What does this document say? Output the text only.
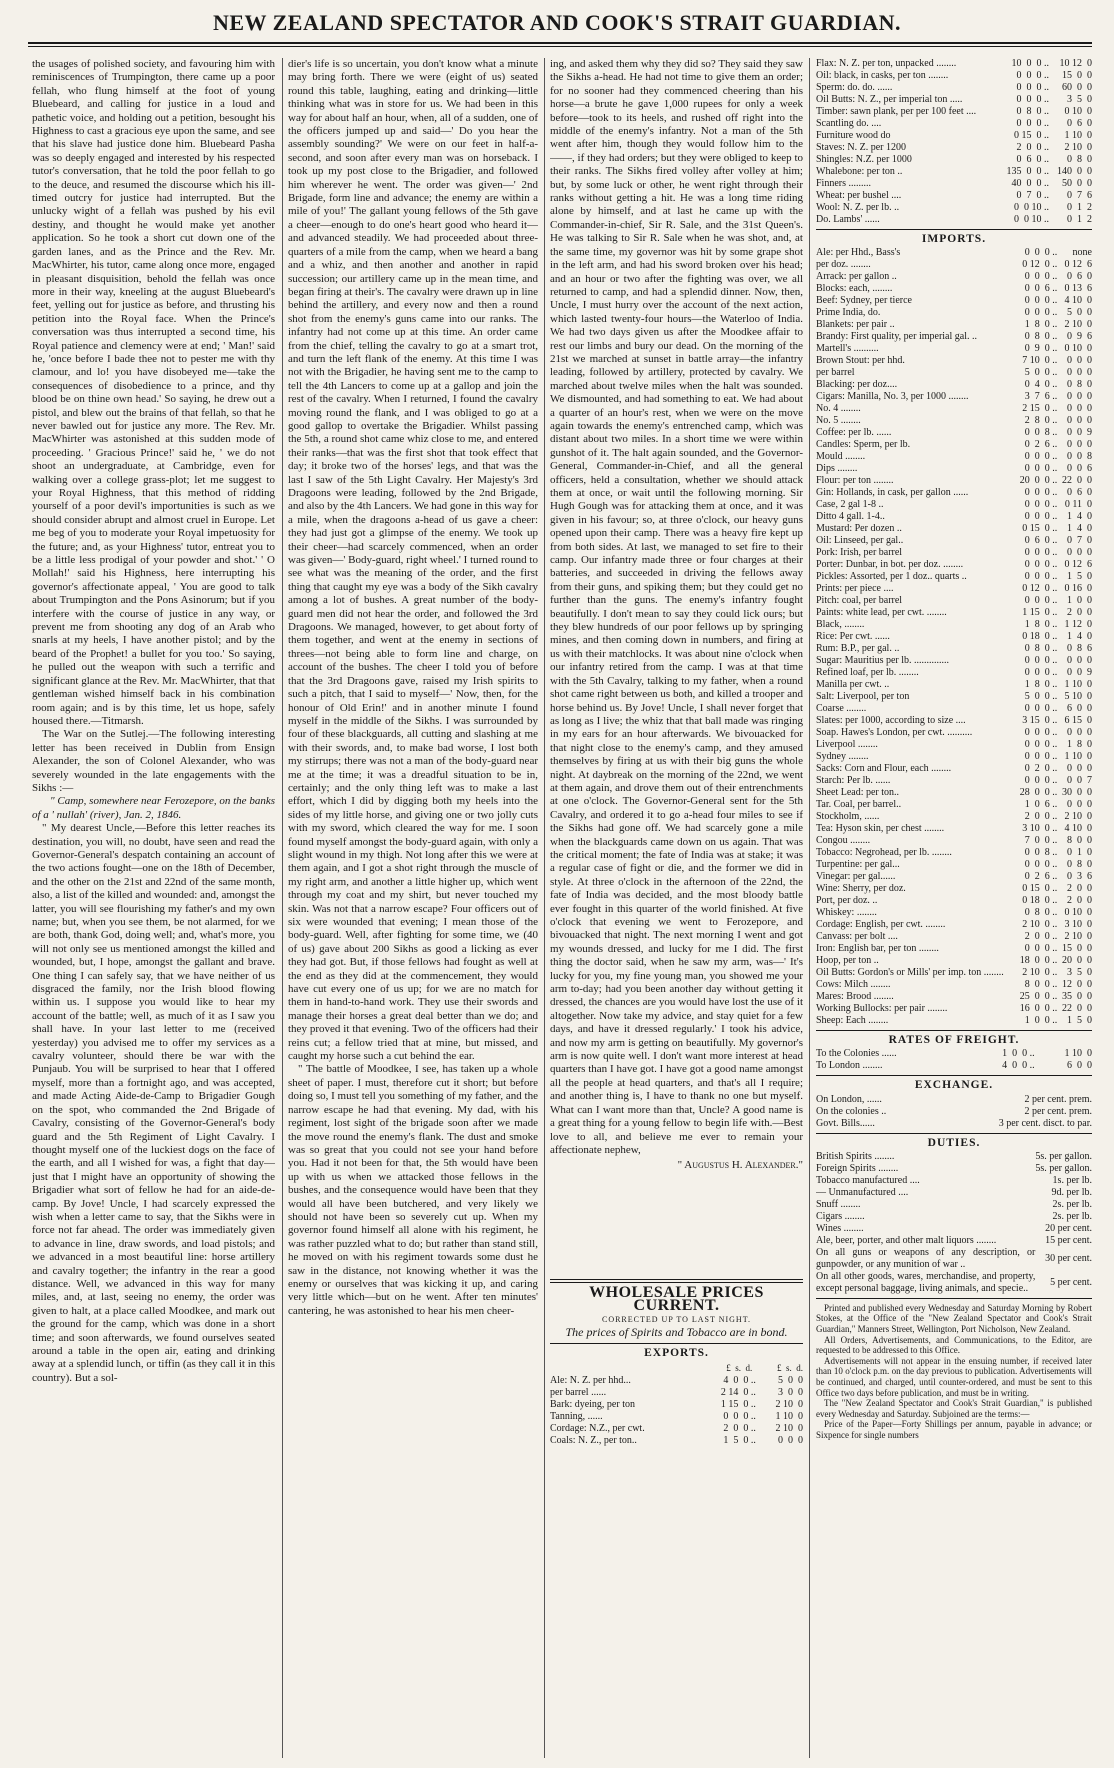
NEW ZEALAND SPECTATOR AND COOK'S STRAIT GUARDIAN.

the usages of polished society, and favouring him with reminiscences of Trumpington, there came up a poor fellah, who flung himself at the foot of young Bluebeard, and calling for justice in a loud and pathetic voice, and holding out a petition, besought his Highness to cast a gracious eye upon the same, and see that his slave had justice done him. Bluebeard Pasha was so deeply engaged and interested by his respected tutor's conversation, that he told the poor fellah to go to the deuce, and resumed the discourse which his ill-timed outcry for justice had interrupted. But the unlucky wight of a fellah was pushed by his evil destiny, and thought he would make yet another application. So he took a short cut down one of the garden lanes, and as the Prince and the Rev. Mr. MacWhirter, his tutor, came along once more, engaged in pleasant disquisition, behold the fellah was once more in their way, kneeling at the august Bluebeard's feet, yelling out for justice as before, and thrusting his petition into the Royal face. When the Prince's conversation was thus interrupted a second time, his Royal patience and clemency were at end; ' Man!' said he, 'once before I bade thee not to pester me with thy clamour, and lo! you have disobeyed me—take the consequences of disobedience to a prince, and thy blood be on thine own head.' So saying, he drew out a pistol, and blew out the brains of that fellah, so that he never bawled out for justice any more. The Rev. Mr. MacWhirter was astonished at this sudden mode of proceeding. ' Gracious Prince!' said he, ' we do not shoot an undergraduate, at Cambridge, even for walking over a college grass-plot; let me suggest to your Royal Highness, that this method of ridding yourself of a poor devil's importunities is such as we should consider abrupt and almost cruel in Europe. Let me beg of you to moderate your Royal impetuosity for the future; and, as your Highness' tutor, entreat you to be a little less prodigal of your powder and shot.' ' O Mollah!' said his Highness, here interrupting his governor's affectionate appeal, ' You are good to talk about Trumpington and the Pons Asinorum; but if you interfere with the course of justice in any way, or prevent me from shooting any dog of an Arab who snarls at my heels, I have another pistol; and by the beard of the Prophet! a bullet for you too.' So saying, he pulled out the weapon with such a terrific and significant glance at the Rev. Mr. MacWhirter, that that gentleman wished himself back in his combination room again; and is by this time, let us hope, safely housed there.—Titmarsh.

The War on the Sutlej.—The following interesting letter has been received in Dublin from Ensign Alexander, the son of Colonel Alexander, who was severely wounded in the late engagements with the Sikhs :—

" Camp, somewhere near Ferozepore, on the banks of a ' nullah' (river), Jan. 2, 1846.

" My dearest Uncle,—Before this letter reaches its destination, you will, no doubt, have seen and read the Governor-General's despatch containing an account of the two actions fought—one on the 18th of December, and the other on the 21st and 22nd of the same month, also, a list of the killed and wounded: and, amongst the latter, you will see flourishing my father's and my own name; but, when you see them, be not alarmed, for we are both, thank God, doing well; and, what's more, you will not only see us mentioned amongst the killed and wounded, but, I hope, amongst the gallant and brave. One thing I can safely say, that we have neither of us disgraced the family, nor the Irish blood flowing within us. I suppose you would like to hear my account of the battle; well, as much of it as I saw you shall have. In your last letter to me (received yesterday) you advised me to offer my services as a cavalry volunteer, should there be war with the Punjaub. You will be surprised to hear that I offered myself, more than a fortnight ago, and was accepted, and made Acting Aide-de-Camp to Brigadier Gough on the spot, who commanded the 2nd Brigade of Cavalry, consisting of the Governor-General's body guard and the 5th Regiment of Light Cavalry. I thought myself one of the luckiest dogs on the face of the earth, and all I wished for was, a fight that day—just that I might have an opportunity of showing the Brigadier what sort of fellow he had for an aide-de-camp. By Jove! Uncle, I had scarcely expressed the wish when a letter came to say, that the Sikhs were in force not far ahead. The order was immediately given to advance in line, draw swords, and load pistols; and we advanced in a most beautiful line: horse artillery and cavalry together; the infantry in the rear a good distance. Well, we advanced in this way for many miles, and, at last, seeing no enemy, the order was given to halt, at a place called Moodkee, and mark out the ground for the camp, which was done in a short time; and soon afterwards, we found ourselves seated around a table in the open air, eating and drinking away at a splendid lunch, or tiffin (as they call it in this country). But a sol-

dier's life is so uncertain, you don't know what a minute may bring forth. There we were (eight of us) seated round this table, laughing, eating and drinking—little thinking what was in store for us. We had been in this way for about half an hour, when, all of a sudden, one of the officers jumped up and said—' Do you hear the assembly sounding?' We were on our feet in half-a-second, and soon after every man was on horseback. I took up my post close to the Brigadier, and followed him wherever he went. The order was given—' 2nd Brigade, form line and advance; the enemy are within a mile of you!' The gallant young fellows of the 5th gave a cheer—enough to do one's heart good who heard it—and advanced steadily. We had proceeded about three-quarters of a mile from the camp, when we heard a bang and a whiz, and then another and another in rapid succession; our artillery came up in the mean time, and began firing at their's. The cavalry were drawn up in line behind the artillery, and every now and then a round shot from the enemy's guns came into our ranks. The infantry had not come up at this time. An order came from the chief, telling the cavalry to go at a smart trot, and turn the left flank of the enemy. At this time I was not with the Brigadier, he having sent me to the camp to tell the 4th Lancers to come up at a gallop and join the rest of the cavalry. When I returned, I found the cavalry moving round the flank, and I was obliged to go at a good gallop to overtake the Brigadier. Whilst passing the 5th, a round shot came whiz close to me, and entered their ranks—that was the first shot that took effect that day; it broke two of the horses' legs, and that was the last I saw of the 5th Light Cavalry. Her Majesty's 3rd Dragoons were leading, followed by the 2nd Brigade, and also by the 4th Lancers. We had gone in this way for a mile, when the dragoons a-head of us gave a cheer: they had just got a glimpse of the enemy. We took up their cheer—had scarcely commenced, when an order was given—' Body-guard, right wheel.' I turned round to see what was the meaning of the order, and the first thing that caught my eye was a body of the Sikh cavalry among a lot of bushes. A great number of the body-guard men did not hear the order, and followed the 3rd Dragoons. We managed, however, to get about forty of them together, and went at the enemy in sections of threes—not being able to form line and charge, on account of the bushes. The cheer I told you of before that the 3rd Dragoons gave, raised my Irish spirits to such a pitch, that I said to myself—' Now, then, for the honour of Old Erin!' and in another minute I found myself in the middle of the Sikhs. I was surrounded by four of these blackguards, all cutting and slashing at me with their swords, and, to make bad worse, I lost both my stirrups; there was not a man of the body-guard near me at the time; it was a dreadful situation to be in, certainly; and the only thing left was to make a last effort, which I did by digging both my heels into the sides of my little horse, and giving one or two jolly cuts with my sword, which cleared the way for me. I soon found myself amongst the body-guard again, with only a slight wound in my thigh. Not long after this we were at them again, and I got a shot right through the muscle of my right arm, and another a little higher up, which went through my coat and my shirt, but never touched my skin. Was not that a narrow escape? Four officers out of six were wounded that evening; I mean those of the body-guard. Well, after fighting for some time, we (40 of us) gave about 200 Sikhs as good a licking as ever they had got. But, if those fellows had fought as well at the end as they did at the commencement, they would have cut every one of us up; for we are no match for them in hand-to-hand work. They use their swords and manage their horses a great deal better than we do; and they proved it that evening. Two of the officers had their reins cut; a fellow tried that at mine, but missed, and caught my horse such a cut behind the ear.

" The battle of Moodkee, I see, has taken up a whole sheet of paper. I must, therefore cut it short; but before doing so, I must tell you something of my father, and the narrow escape he had that evening. My dad, with his regiment, lost sight of the brigade soon after we made the move round the enemy's flank. The dust and smoke was so great that you could not see your hand before you. Had it not been for that, the 5th would have been up with us when we attacked those fellows in the bushes, and the consequence would have been that they would all have been butchered, and very likely we should not have been so severely cut up. When my governor found himself all alone with his regiment, he was rather puzzled what to do; but rather than stand still, he moved on with his regiment towards some dust he saw in the distance, not knowing whether it was the enemy or ourselves that was kicking it up, and caring very little which—but on he went. After ten minutes' cantering, he was astonished to hear his men cheer-

ing, and asked them why they did so? They said they saw the Sikhs a-head. He had not time to give them an order; for no sooner had they commenced cheering than his horse—a brute he gave 1,000 rupees for only a week before—took to its heels, and rushed off right into the middle of the enemy's infantry. Not a man of the 5th went after him, though they would follow him to the ——, if they had orders; but they were obliged to keep to their ranks. The Sikhs fired volley after volley at him; but, by some luck or other, he went right through their ranks without getting a hit. He was a long time riding alone by himself, and at last he came up with the Commander-in-chief, Sir R. Sale, and the 31st Queen's. He was talking to Sir R. Sale when he was shot, and, at the same time, my governor was hit by some grape shot in the left arm, and had his sword broken over his head; and an hour or two after the fighting was over, we all returned to camp, and had a splendid dinner. Now, then, Uncle, I must hurry over the account of the next action, which lasted twenty-four hours—the Waterloo of India. We had two days given us after the Moodkee affair to rest our limbs and bury our dead. On the morning of the 21st we marched at sunset in battle array—the infantry leading, followed by artillery, protected by cavalry. We marched about twelve miles when the halt was sounded. We dismounted, and had something to eat. We had about a quarter of an hour's rest, when we were on the move again towards the enemy's entrenched camp, which was distant about two miles. In a short time we were within gunshot of it. The halt again sounded, and the Governor-General, Commander-in-Chief, and all the general officers, held a consultation, whether we should attack them at once, or wait until the following morning. Sir Hugh Gough was for attacking them at once, and it was given in his favour; so, at three o'clock, our heavy guns opened upon their camp. There was a heavy fire kept up from both sides. At last, we managed to set fire to their camp. Our infantry made three or four charges at their batteries, and succeeded in driving the fellows away from their guns, and spiking them; but they could get no further than the guns. The enemy's infantry fought beautifully. I don't mean to say they could lick ours; but they blew hundreds of our poor fellows up by springing mines, and then coming down in numbers, and firing at us with their matchlocks. It was about nine o'clock when our infantry retired from the camp. I was at that time with the 5th Cavalry, talking to my father, when a round shot came right between us both, and killed a trooper and horse behind us. By Jove! Uncle, I shall never forget that as long as I live; the whiz that that ball made was ringing in my ears for an hour afterwards. We bivouacked for that night close to the enemy's camp, and they amused themselves by firing at us with their big guns the whole night. At daybreak on the morning of the 22nd, we went at them again, and drove them out of their entrenchments at one o'clock. The Governor-General sent for the 5th Cavalry, and ordered it to go a-head four miles to see if the Sikhs had gone off. We had scarcely gone a mile when the blackguards came down on us again. That was the critical moment; the fate of India was at stake; it was a regular case of fight or die, and the former we did in style. At three o'clock in the afternoon of the 22nd, the fate of India was decided, and the most bloody battle ever fought in this quarter of the world finished. At five o'clock that evening we went to Ferozepore, and bivouacked that night. The next morning I went and got my wounds dressed, and lucky for me I did. The first thing the doctor said, when he saw my arm, was—' It's lucky for you, my fine young man, you showed me your arm to-day; had you been another day without getting it dressed, the chances are you would have lost the use of it altogether. Now take my advice, and stay quiet for a few days, and have it dressed regularly.' I took his advice, and now my arm is getting on beautifully. My governor's arm is now quite well. I don't want more interest at head quarters than I have got. I have got a good name amongst all the people at head quarters, and that's all I require; and another thing is, I have to thank no one but myself. What can I want more than that, Uncle? A good name is a great thing for a young fellow to begin life with.—Best love to all, and believe me ever to remain your affectionate nephew,

" Augustus H. Alexander."
WHOLESALE PRICES CURRENT.
CORRECTED UP TO LAST NIGHT.
The prices of Spirits and Tobacco are in bond.
EXPORTS.
£  s.  d.           £  s.  d.
Ale: N. Z. per hhd...	4  0  0	..	5  0  0
per barrel ......	2 14  0	..	3  0  0
Bark: dyeing, per ton	1 15  0	..	2 10  0
Tanning, ......	0  0  0	..	1 10  0
Cordage: N.Z., per cwt.	2  0  0	..	2 10  0
Coals: N. Z., per ton..	1  5  0	..	0  0  0
Flax: N. Z. per ton, unpacked ........	10  0  0	..	10 12  0
Oil: black, in casks, per ton ........	0  0  0	..	15  0  0
Sperm: do. do. ......	0  0  0	..	60  0  0
Oil Butts: N. Z., per imperial ton .....	0  0  0	..	3  5  0
Timber: sawn plank, per per 100 feet ....	0  8  0	..	0 10  0
Scantling do. ....	0  0  0	..	0  6  0
Furniture wood do	0 15  0	..	1 10  0
Staves: N. Z. per 1200	2  0  0	..	2 10  0
Shingles: N.Z. per 1000	0  6  0	..	0  8  0
Whalebone: per ton ..	135  0  0	..	140  0  0
Finners .........	40  0  0	..	50  0  0
Wheat: per bushel ....	0  7  0	..	0  7  6
Wool: N. Z. per lb. ..	0  0 10	..	0  1  2
Do. Lambs' ......	0  0 10	..	0  1  2
IMPORTS.
Ale: per Hhd., Bass's	0  0  0	..	none
per doz. ........	0 12  0	..	0 12  6
Arrack: per gallon ..	0  0  0	..	0  6  0
Blocks: each, ........	0  0  6	..	0 13  6
Beef: Sydney, per tierce	0  0  0	..	4 10  0
Prime India, do.	0  0  0	..	5  0  0
Blankets: per pair ..	1  8  0	..	2 10  0
Brandy: First quality, per imperial gal. ..	0  8  0	..	0  9  6
Martell's ..........	0  9  0	..	0 10  0
Brown Stout: per hhd.	7 10  0	..	0  0  0
per barrel	5  0  0	..	0  0  0
Blacking: per doz....	0  4  0	..	0  8  0
Cigars: Manilla, No. 3, per 1000 ........	3  7  6	..	0  0  0
No. 4 ........	2 15  0	..	0  0  0
No. 5 ........	2  8  0	..	0  0  0
Coffee: per lb. ......	0  0  8	..	0  0  9
Candles: Sperm, per lb.	0  2  6	..	0  0  0
Mould ........	0  0  0	..	0  0  8
Dips ........	0  0  0	..	0  0  6
Flour: per ton ........	20  0  0	..	22  0  0
Gin: Hollands, in cask, per gallon ......	0  0  0	..	0  6  0
Case, 2 gal 1-8 ..	0  0  0	..	0 11  0
Ditto 4 gall. 1-4..	0  0  0	..	1  4  0
Mustard: Per dozen ..	0 15  0	..	1  4  0
Oil: Linseed, per gal..	0  6  0	..	0  7  0
Pork: Irish, per barrel	0  0  0	..	0  0  0
Porter: Dunbar, in bot. per doz. ........	0  0  0	..	0 12  6
Pickles: Assorted, per 1 doz.. quarts ..	0  0  0	..	1  5  0
Prints: per piece ....	0 12  0	..	0 16  0
Pitch: coal, per barrel	0  0  0	..	1  0  0
Paints: white lead, per cwt. ........	1 15  0	..	2  0  0
Black, ........	1  8  0	..	1 12  0
Rice: Per cwt. ......	0 18  0	..	1  4  0
Rum: B.P., per gal. ..	0  8  0	..	0  8  6
Sugar: Mauritius per lb. ..............	0  0  0	..	0  0  0
Refined loaf, per lb. ........	0  0  0	..	0  0  9
Manilla per cwt. ..	1  8  0	..	1 10  0
Salt: Liverpool, per ton	5  0  0	..	5 10  0
Coarse ........	0  0  0	..	6  0  0
Slates: per 1000, according to size ....	3 15  0	..	6 15  0
Soap. Hawes's London, per cwt. ..........	0  0  0	..	0  0  0
Liverpool ........	0  0  0	..	1  8  0
Sydney ........	0  0  0	..	1 10  0
Sacks: Corn and Flour, each ........	0  2  0	..	0  0  0
Starch: Per lb. ......	0  0  0	..	0  0  7
Sheet Lead: per ton..	28  0  0	..	30  0  0
Tar. Coal, per barrel..	1  0  6	..	0  0  0
Stockholm, ......	2  0  0	..	2 10  0
Tea: Hyson skin, per chest ........	3 10  0	..	4 10  0
Congou ........	7  0  0	..	8  0  0
Tobacco: Negrohead, per lb. ........	0  0  8	..	0  1  0
Turpentine: per gal...	0  0  0	..	0  8  0
Vinegar: per gal......	0  2  6	..	0  3  6
Wine: Sherry, per doz.	0 15  0	..	2  0  0
Port, per doz. ..	0 18  0	..	2  0  0
Whiskey: ........	0  8  0	..	0 10  0
Cordage: English, per cwt. ........	2 10  0	..	3 10  0
Canvass: per bolt ....	2  0  0	..	2 10  0
Iron: English bar, per ton ........	0  0  0	..	15  0  0
Hoop, per ton ..	18  0  0	..	20  0  0
Oil Butts: Gordon's or Mills' per imp. ton ........	2 10  0	..	3  5  0
Cows: Milch ........	8  0  0	..	12  0  0
Mares: Brood ........	25  0  0	..	35  0  0
Working Bullocks: per pair ........	16  0  0	..	22  0  0
Sheep: Each ........	1  0  0	..	1  5  0
RATES OF FREIGHT.
To the Colonies ......	1  0  0	..	1 10  0
To London ........	4  0  0	..	6  0  0
EXCHANGE.
On London, ......	2 per cent. prem.
On the colonies ..	2 per cent. prem.
Govt. Bills......	3 per cent. disct. to par.
DUTIES.
British Spirits ........	5s. per gallon.
Foreign Spirits ........	5s. per gallon.
Tobacco manufactured ....	1s. per lb.
— Unmanufactured ....	9d. per lb.
Snuff ........	2s. per lb.
Cigars ........	2s. per lb.
Wines ........	20 per cent.
Ale, beer, porter, and other malt liquors ........	15 per cent.
On all guns or weapons of any description, or gunpowder, or any munition of war ..	30 per cent.
On all other goods, wares, merchandise, and property, except personal baggage, living animals, and specie..	5 per cent.

Printed and published every Wednesday and Saturday Morning by Robert Stokes, at the Office of the "New Zealand Spectator and Cook's Strait Guardian," Manners Street, Wellington, Port Nicholson, New Zealand.

All Orders, Advertisements, and Communications, to the Editor, are requested to be addressed to this Office.

Advertisements will not appear in the ensuing number, if received later than 10 o'clock p.m. on the day previous to publication. Advertisements will be continued, and charged, until counter-ordered, and must be sent to this Office two days before publication, and must be in writing.

The "New Zealand Spectator and Cook's Strait Guardian," is published every Wednesday and Saturday. Subjoined are the terms:—

Price of the Paper—Forty Shillings per annum, payable in advance; or Sixpence for single numbers
